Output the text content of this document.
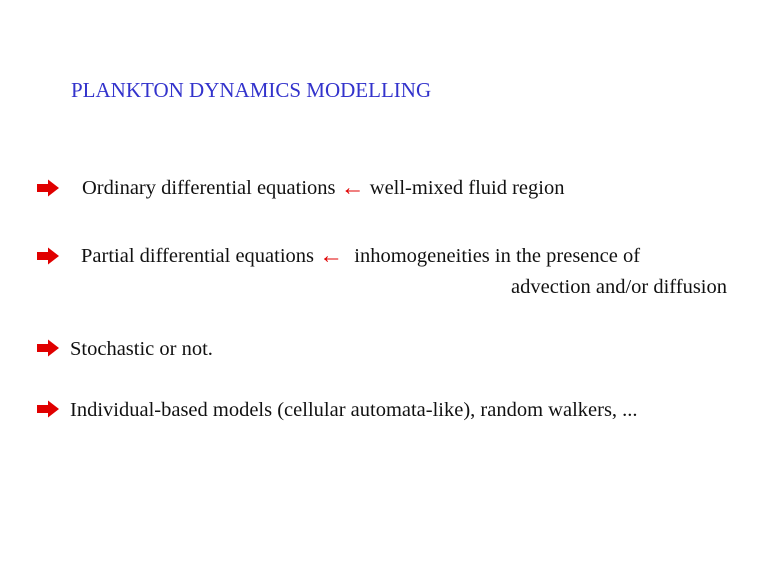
PLANKTON DYNAMICS MODELLING
Ordinary differential equations ← well-mixed fluid region
Partial differential equations ← inhomogeneities in the presence of
advection and/or diffusion
Stochastic or not.
Individual-based models (cellular automata-like), random walkers, ...
